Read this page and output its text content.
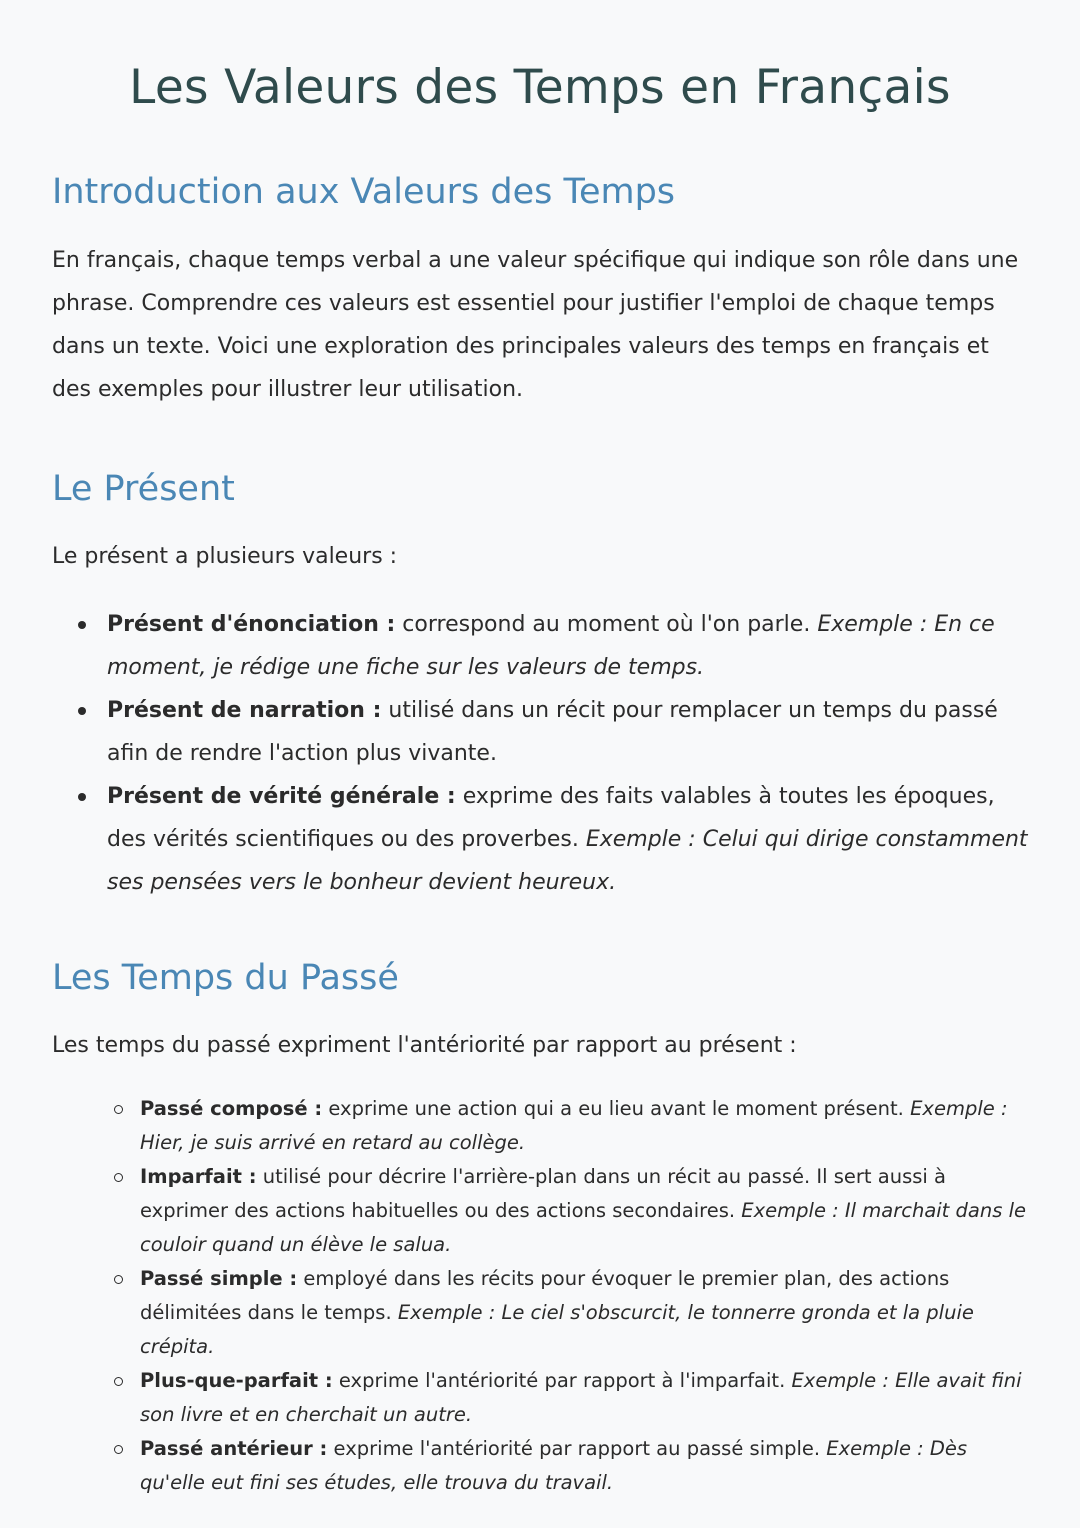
Les Valeurs des Temps en Français
Introduction aux Valeurs des Temps

En français, chaque temps verbal a une valeur spécifique qui indique son rôle dans une phrase. Comprendre ces valeurs est essentiel pour justifier l'emploi de chaque temps dans un texte. Voici une exploration des principales valeurs des temps en français et des exemples pour illustrer leur utilisation.

Le Présent

Le présent a plusieurs valeurs :

Présent d'énonciation : correspond au moment où l'on parle. Exemple : En ce moment, je rédige une fiche sur les valeurs de temps.
Présent de narration : utilisé dans un récit pour remplacer un temps du passé afin de rendre l'action plus vivante.
Présent de vérité générale : exprime des faits valables à toutes les époques, des vérités scientifiques ou des proverbes. Exemple : Celui qui dirige constamment ses pensées vers le bonheur devient heureux.
Les Temps du Passé

Les temps du passé expriment l'antériorité par rapport au présent :

Passé composé : exprime une action qui a eu lieu avant le moment présent. Exemple : Hier, je suis arrivé en retard au collège.
Imparfait : utilisé pour décrire l'arrière-plan dans un récit au passé. Il sert aussi à exprimer des actions habituelles ou des actions secondaires. Exemple : Il marchait dans le couloir quand un élève le salua.
Passé simple : employé dans les récits pour évoquer le premier plan, des actions délimitées dans le temps. Exemple : Le ciel s'obscurcit, le tonnerre gronda et la pluie crépita.
Plus-que-parfait : exprime l'antériorité par rapport à l'imparfait. Exemple : Elle avait fini son livre et en cherchait un autre.
Passé antérieur : exprime l'antériorité par rapport au passé simple. Exemple : Dès qu'elle eut fini ses études, elle trouva du travail.
